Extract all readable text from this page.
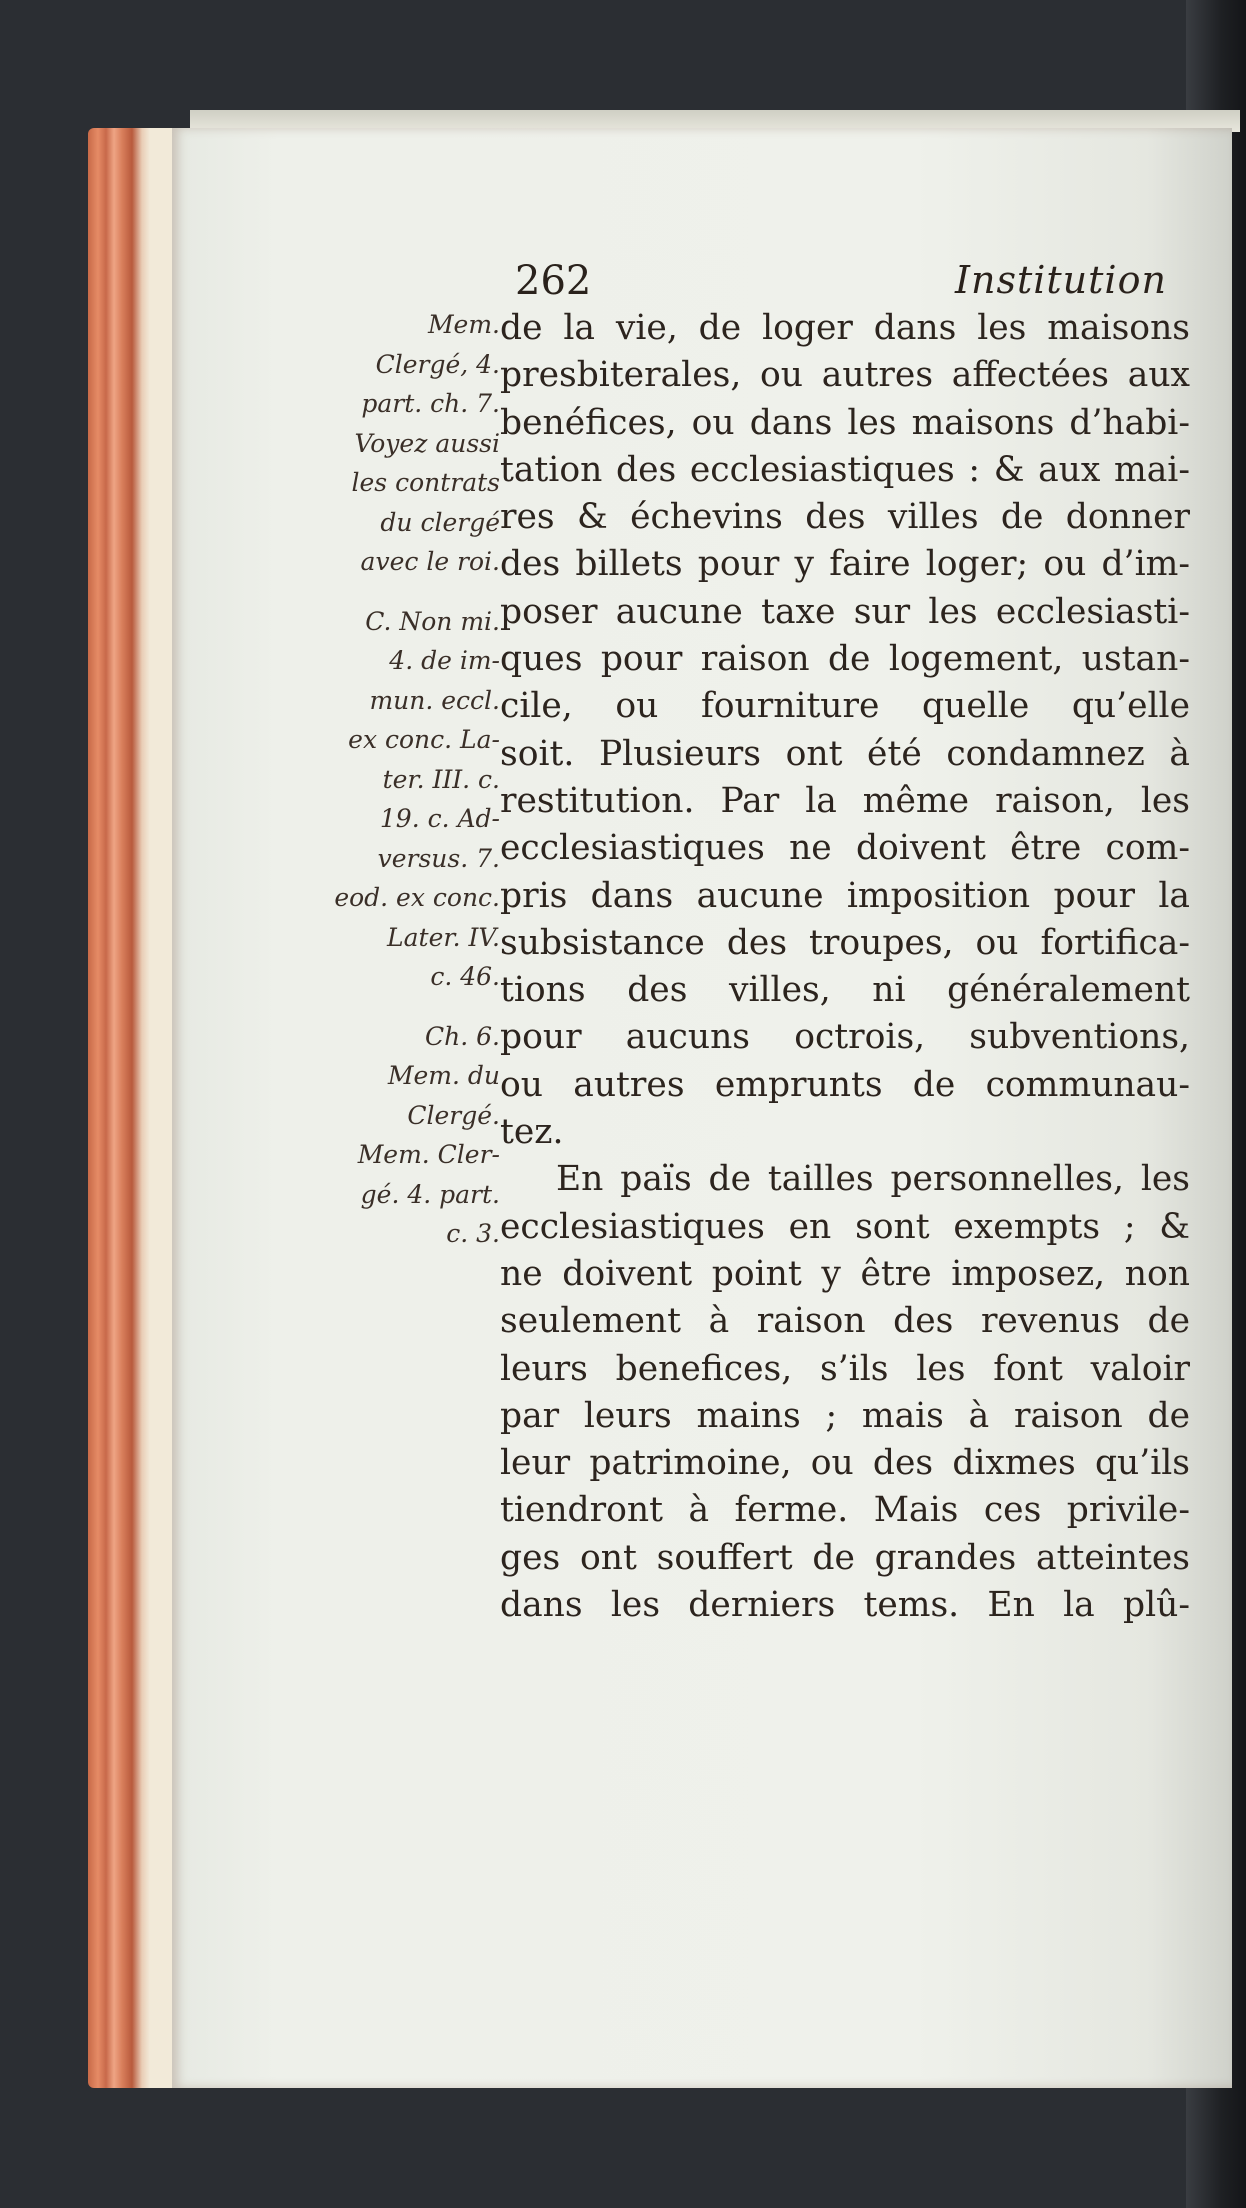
262	Institution
Mem.
Clergé, 4.
part. ch. 7.
Voyez aussi
les contrats
du clergé
avec le roi.
C. Non mi.
4. de im-
mun. eccl.
ex conc. La-
ter. III. c.
19. c. Ad-
versus. 7.
eod. ex conc.
Later. IV.
c. 46.
Ch. 6.
Mem. du
Clergé.
Mem. Cler-
gé. 4. part.
c. 3.
de la vie, de loger dans les maisons
presbiterales, ou autres affectées aux
benéfices, ou dans les maisons d’habi-
tation des ecclesiastiques : & aux mai-
res & échevins des villes de donner
des billets pour y faire loger; ou d’im-
poser aucune taxe sur les ecclesiasti-
ques pour raison de logement, ustan-
cile, ou fourniture quelle qu’elle
soit. Plusieurs ont été condamnez à
restitution. Par la même raison, les
ecclesiastiques ne doivent être com-
pris dans aucune imposition pour la
subsistance des troupes, ou fortifica-
tions des villes, ni généralement
pour aucuns octrois, subventions,
ou autres emprunts de communau-
tez.
En païs de tailles personnelles, les
ecclesiastiques en sont exempts ; &
ne doivent point y être imposez, non
seulement à raison des revenus de
leurs benefices, s’ils les font valoir
par leurs mains ; mais à raison de
leur patrimoine, ou des dixmes qu’ils
tiendront à ferme. Mais ces privile-
ges ont souffert de grandes atteintes
dans les derniers tems. En la plû-
